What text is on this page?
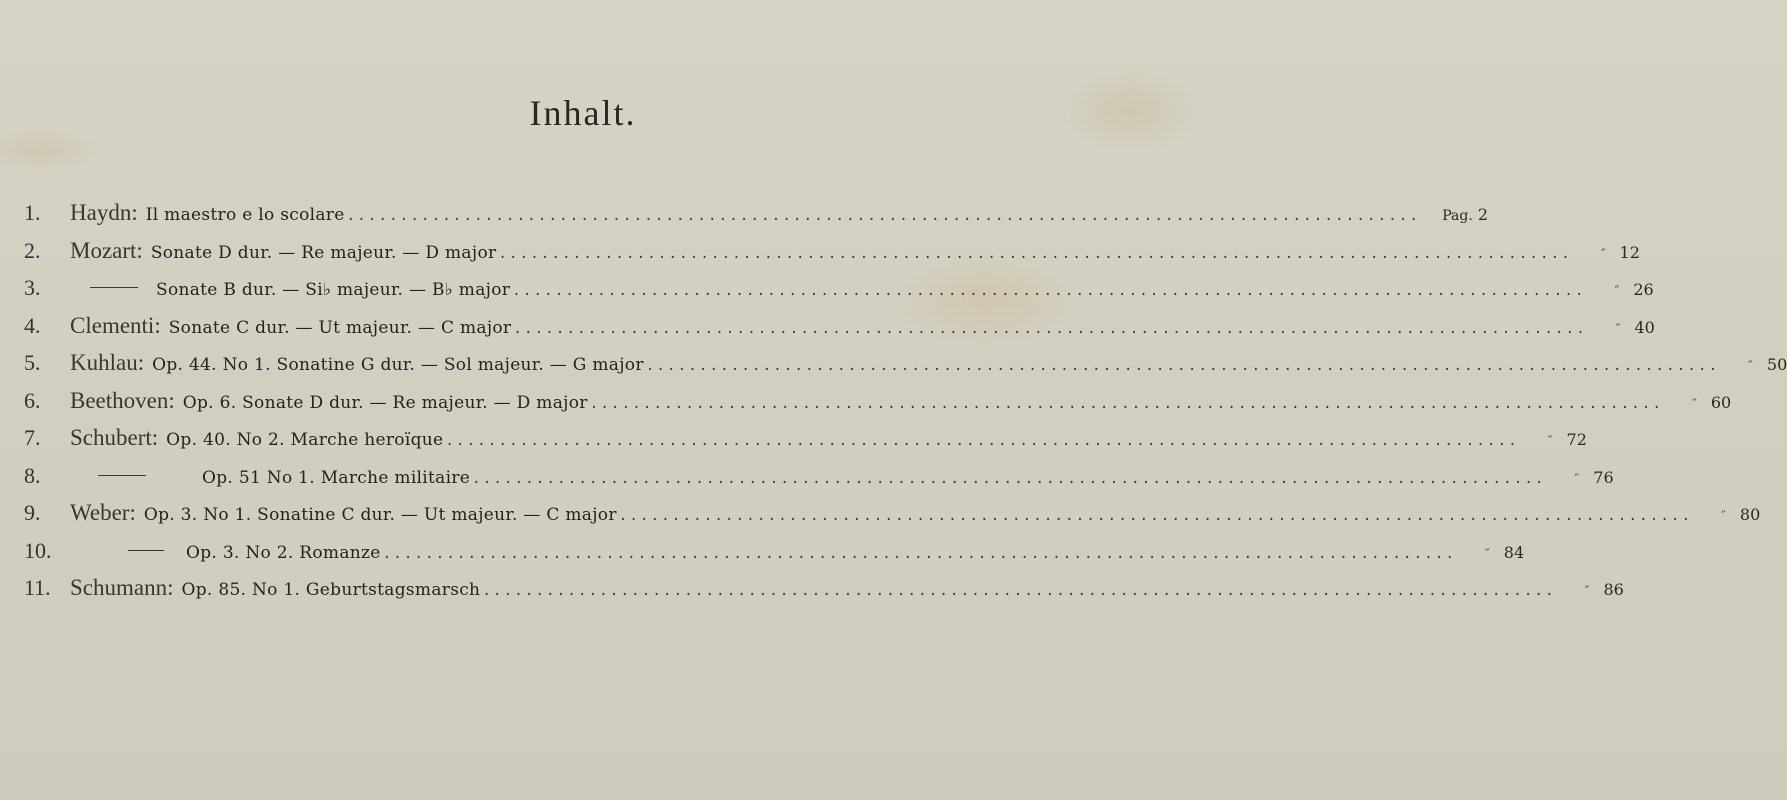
Inhalt.
1.	Haydn: Il maestro e lo scolare .....................................................................................................	Pag. 2
2.	Mozart: Sonate D dur. — Re majeur. — D major .....................................................................................................	″ 12
3.	Sonate B dur. — Si♭ majeur. — B♭ major .....................................................................................................	″ 26
4.	Clementi: Sonate C dur. — Ut majeur. — C major .....................................................................................................	″ 40
5.	Kuhlau: Op. 44. No 1. Sonatine G dur. — Sol majeur. — G major .....................................................................................................	″ 50
6.	Beethoven: Op. 6. Sonate D dur. — Re majeur. — D major .....................................................................................................	″ 60
7.	Schubert: Op. 40. No 2. Marche heroïque .....................................................................................................	″ 72
8.	Op. 51 No 1. Marche militaire .....................................................................................................	″ 76
9.	Weber: Op. 3. No 1. Sonatine C dur. — Ut majeur. — C major .....................................................................................................	″ 80
10.	Op. 3. No 2. Romanze .....................................................................................................	″ 84
11. Schumann: Op. 85. No 1. Geburtstagsmarsch .....................................................................................................	″ 86
